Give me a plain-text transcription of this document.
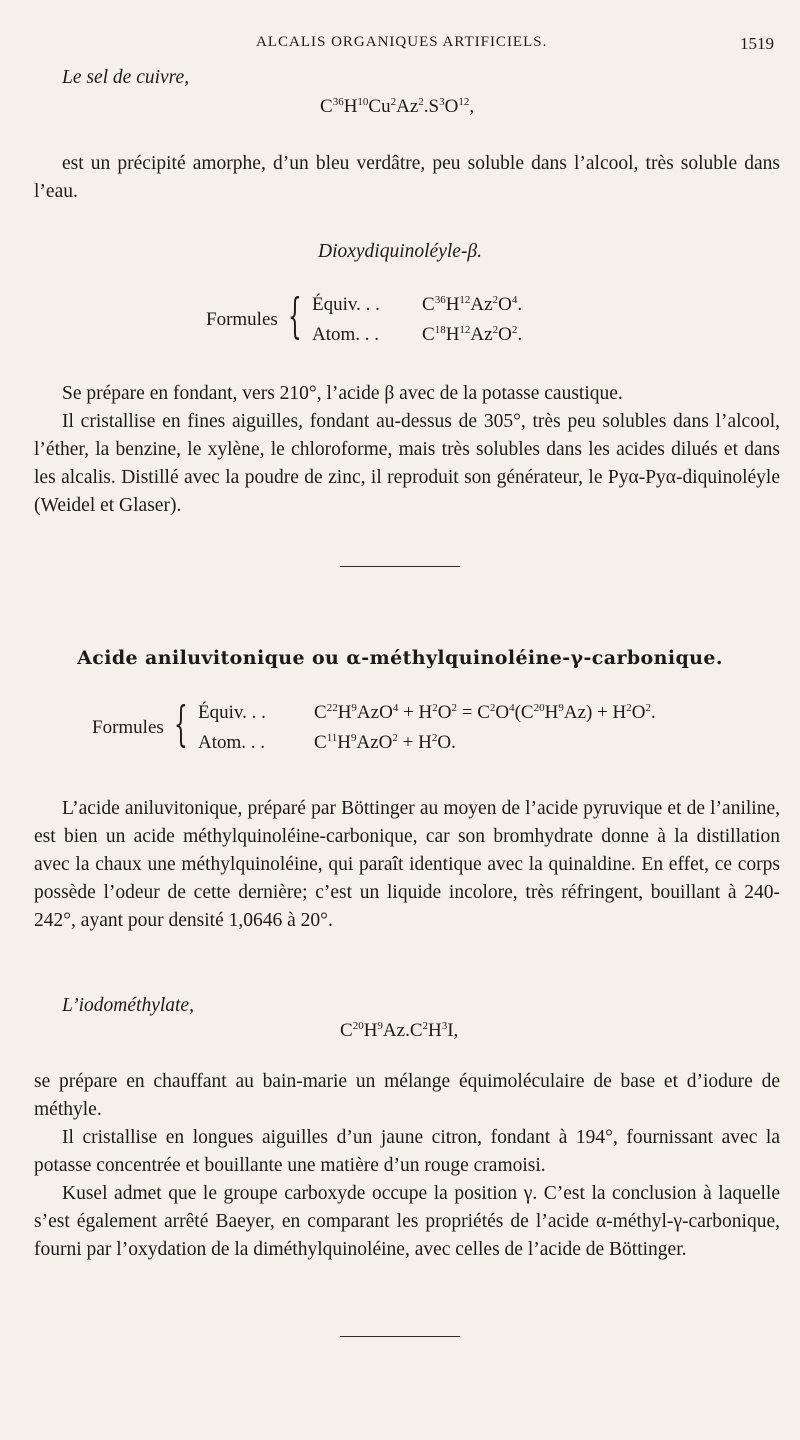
ALCALIS ORGANIQUES ARTIFICIELS.	1519
Le sel de cuivre,
$C^{36}H^{10}Cu^2Az^2.S^3O^{12}$,

est un précipité amorphe, d’un bleu verdâtre, peu soluble dans l’alcool, très soluble dans l’eau.

Dioxydiquinoléyle-β.
Formules { Équiv. . . $C^{36}H^{12}Az^2O^4$.
Atom. . . $C^{18}H^{12}Az^2O^2$.

Se prépare en fondant, vers 210°, l’acide β avec de la potasse caustique.

Il cristallise en fines aiguilles, fondant au-dessus de 305°, très peu solubles dans l’alcool, l’éther, la benzine, le xylène, le chloroforme, mais très solubles dans les acides dilués et dans les alcalis. Distillé avec la poudre de zinc, il reproduit son générateur, le Pyα-Pyα-diquinoléyle (Weidel et Glaser).

Acide aniluvitonique ou α-méthylquinoléine-γ-carbonique.
Formules { Équiv. . .	$C^{22}H^9AzO^4 + H^2O^2 = C^2O^4(C^{20}H^9Az) + H^2O^2$.
Atom. . .	$C^{11}H^9AzO^2 + H^2O$.

L’acide aniluvitonique, préparé par Böttinger au moyen de l’acide pyruvique et de l’aniline, est bien un acide méthylquinoléine-carbonique, car son bromhydrate donne à la distillation avec la chaux une méthylquinoléine, qui paraît identique avec la quinaldine. En effet, ce corps possède l’odeur de cette dernière; c’est un liquide incolore, très réfringent, bouillant à 240-242°, ayant pour densité 1,0646 à 20°.

L’iodométhylate,
$C^{20}H^9Az.C^2H^3I$,

se prépare en chauffant au bain-marie un mélange équimoléculaire de base et d’iodure de méthyle.

Il cristallise en longues aiguilles d’un jaune citron, fondant à 194°, fournissant avec la potasse concentrée et bouillante une matière d’un rouge cramoisi.

Kusel admet que le groupe carboxyde occupe la position γ. C’est la conclusion à laquelle s’est également arrêté Baeyer, en comparant les propriétés de l’acide α-méthyl-γ-carbonique, fourni par l’oxydation de la diméthylquinoléine, avec celles de l’acide de Böttinger.
